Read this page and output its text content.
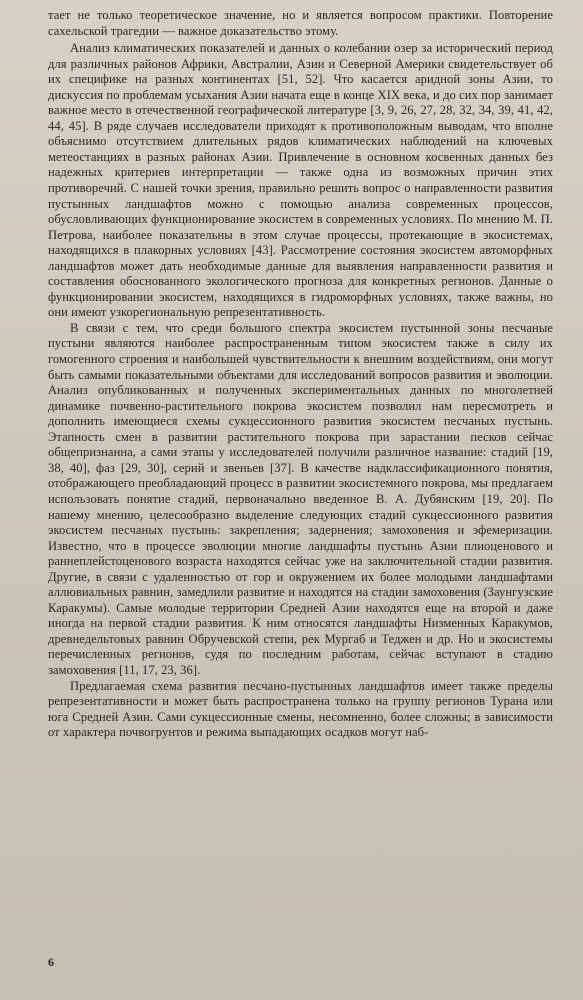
тает не только теоретическое значение, но и является вопросом практики. Повторение сахельской трагедии — важное доказательство этому.

Анализ климатических показателей и данных о колебании озер за исторический период для различных районов Африки, Австралии, Азии и Северной Америки свидетельствует об их специфике на разных континентах [51, 52]. Что касается аридной зоны Азии, то дискуссия по проблемам усыхания Азии начата еще в конце XIX века, и до сих пор занимает важное место в отечественной географической литературе [3, 9, 26, 27, 28, 32, 34, 39, 41, 42, 44, 45]. В ряде случаев исследователи приходят к противоположным выводам, что вполне объяснимо отсутствием длительных рядов климатических наблюдений на ключевых метеостанциях в разных районах Азии. Привлечение в основном косвенных данных без надежных критериев интерпретации — также одна из возможных причин этих противоречий. С нашей точки зрения, правильно решить вопрос о направленности развития пустынных ландшафтов можно с помощью анализа современных процессов, обусловливающих функционирование экосистем в современных условиях. По мнению М. П. Петрова, наиболее показательны в этом случае процессы, протекающие в экосистемах, находящихся в плакорных условиях [43]. Рассмотрение состояния экосистем автоморфных ландшафтов может дать необходимые данные для выявления направленности развития и составления обоснованного экологического прогноза для конкретных регионов. Данные о функционировании экосистем, находящихся в гидроморфных условиях, также важны, но они имеют узкорегиональную репрезентативность.

В связи с тем, что среди большого спектра экосистем пустынной зоны песчаные пустыни являются наиболее распространенным типом экосистем также в силу их гомогенного строения и наибольшей чувствительности к внешним воздействиям, они могут быть самыми показательными объектами для исследований вопросов развития и эволюции. Анализ опубликованных и полученных экспериментальных данных по многолетней динамике почвенно-растительного покрова экосистем позволил нам пересмотреть и дополнить имеющиеся схемы сукцессионного развития экосистем песчаных пустынь. Этапность смен в развитии растительного покрова при зарастании песков сейчас общепризнанна, а сами этапы у исследователей получили различное название: стадий [19, 38, 40], фаз [29, 30], серий и звеньев [37]. В качестве надклассификационного понятия, отображающего преобладающий процесс в развитии экосистемного покрова, мы предлагаем использовать понятие стадий, первоначально введенное В. А. Дубянским [19, 20]. По нашему мнению, целесообразно выделение следующих стадий сукцессионного развития экосистем песчаных пустынь: закрепления; задернения; замоховения и эфемеризации. Известно, что в процессе эволюции многие ландшафты пустынь Азии плиоценового и раннеплейстоценового возраста находятся сейчас уже на заключительной стадии развития. Другие, в связи с удаленностью от гор и окружением их более молодыми ландшафтами аллювиальных равнин, замедлили развитие и находятся на стадии замоховения (Заунгузские Каракумы). Самые молодые территории Средней Азии находятся еще на второй и даже иногда на первой стадии развития. К ним относятся ландшафты Низменных Каракумов, древнедельтовых равнин Обручевской степи, рек Мургаб и Теджен и др. Но и экосистемы перечисленных регионов, судя по последним работам, сейчас вступают в стадию замоховения [11, 17, 23, 36].

Предлагаемая схема развития песчано-пустынных ландшафтов имеет также пределы репрезентативности и может быть распространена только на группу регионов Турана или юга Средней Азии. Сами сукцессионные смены, несомненно, более сложны; в зависимости от характера почвогрунтов и режима выпадающих осадков могут наб-

6
